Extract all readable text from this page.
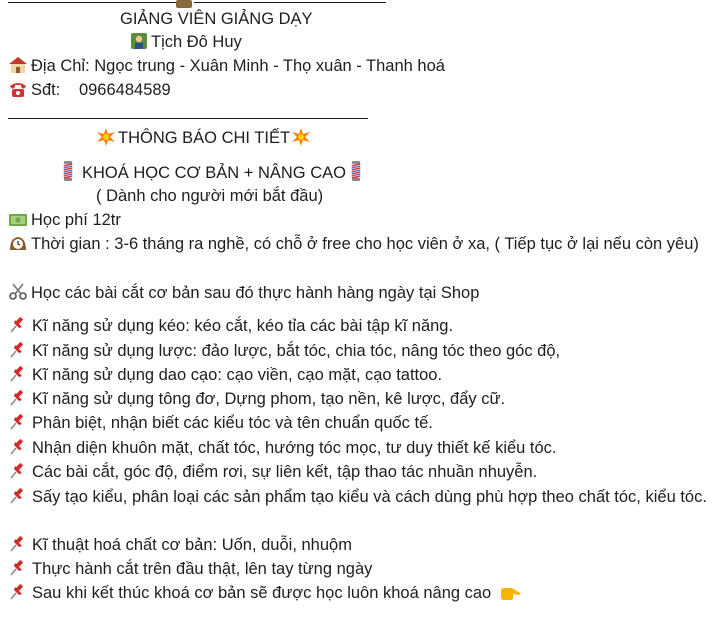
GIẢNG VIÊN GIẢNG DẠY
Tịch Đô Huy
Địa Chỉ: Ngọc trung - Xuân Minh - Thọ xuân - Thanh hoá
Sđt: 0966484589
THÔNG BÁO CHI TIẾT
KHOÁ HỌC CƠ BẢN + NÂNG CAO
( Dành cho người mới bắt đầu)
Học phí 12tr
Thời gian : 3-6 tháng ra nghề, có chỗ ở free cho học viên ở xa, ( Tiếp tục ở lại nếu còn yêu)
Học các bài cắt cơ bản sau đó thực hành hàng ngày tại Shop
Kĩ năng sử dụng kéo: kéo cắt, kéo tỉa các bài tập kĩ năng.
Kĩ năng sử dụng lược: đảo lược, bắt tóc, chia tóc, nâng tóc theo góc độ,
Kĩ năng sử dụng dao cạo: cạo viền, cạo mặt, cạo tattoo.
Kĩ năng sử dụng tông đơ, Dựng phom, tạo nền, kê lược, đẩy cữ.
Phân biệt, nhận biết các kiểu tóc và tên chuẩn quốc tế.
Nhận diện khuôn mặt, chất tóc, hướng tóc mọc, tư duy thiết kế kiểu tóc.
Các bài cắt, góc độ, điểm rơi, sự liên kết, tập thao tác nhuần nhuyễn.
Sấy tạo kiểu, phân loại các sản phẩm tạo kiểu và cách dùng phù hợp theo chất tóc, kiểu tóc.
Kĩ thuật hoá chất cơ bản: Uốn, duỗi, nhuộm
Thực hành cắt trên đầu thật, lên tay từng ngày
Sau khi kết thúc khoá cơ bản sẽ được học luôn khoá nâng cao
